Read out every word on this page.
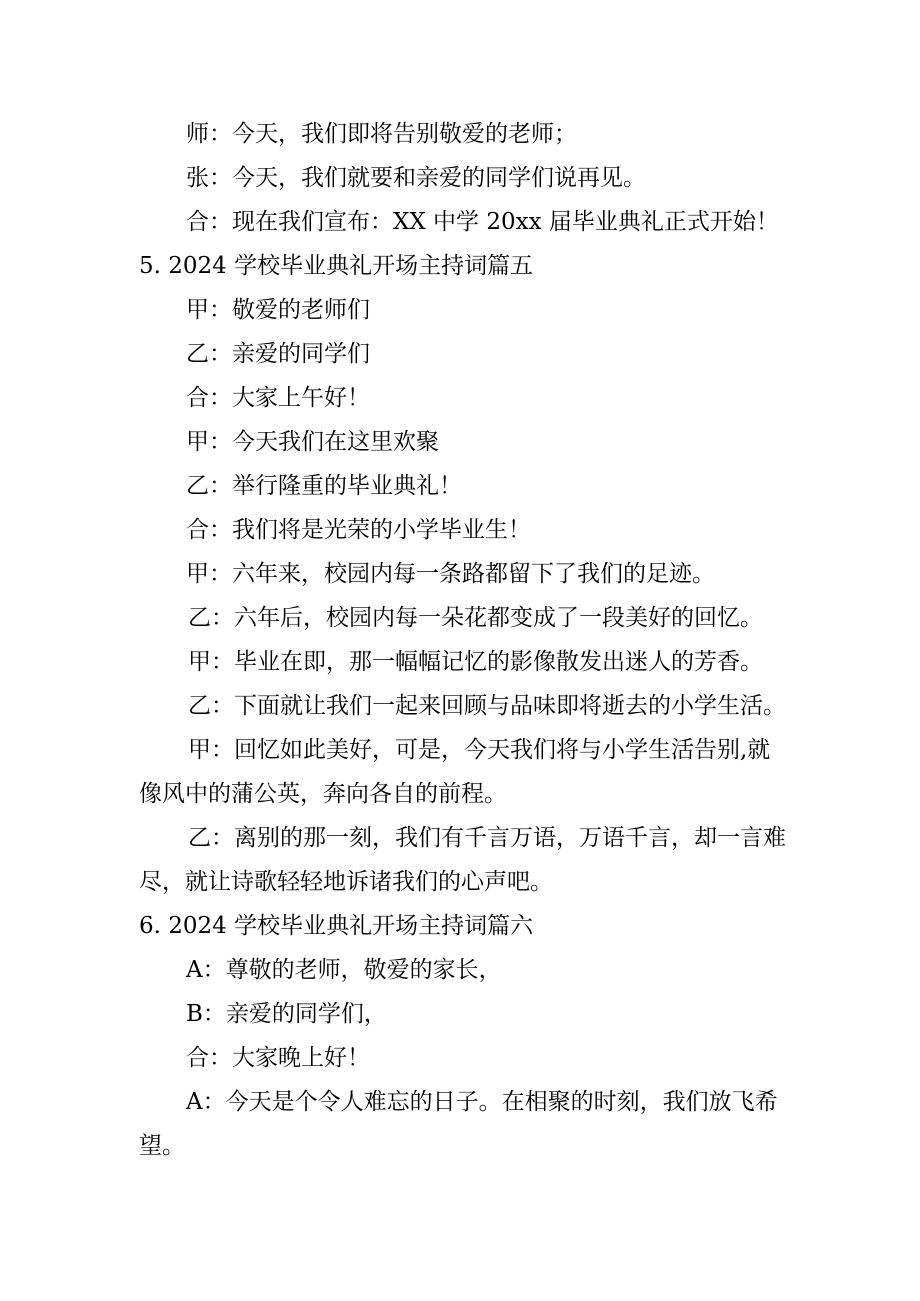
师：今天，我们即将告别敬爱的老师；
张：今天，我们就要和亲爱的同学们说再见。
合：现在我们宣布：XX 中学 20xx 届毕业典礼正式开始！
5. 2024 学校毕业典礼开场主持词篇五
甲：敬爱的老师们
乙：亲爱的同学们
合：大家上午好！
甲：今天我们在这里欢聚
乙：举行隆重的毕业典礼！
合：我们将是光荣的小学毕业生！
甲：六年来，校园内每一条路都留下了我们的足迹。
乙：六年后，校园内每一朵花都变成了一段美好的回忆。
甲：毕业在即，那一幅幅记忆的影像散发出迷人的芳香。
乙：下面就让我们一起来回顾与品味即将逝去的小学生活。
甲：回忆如此美好，可是，今天我们将与小学生活告别,就
像风中的蒲公英，奔向各自的前程。
乙：离别的那一刻，我们有千言万语，万语千言，却一言难
尽，就让诗歌轻轻地诉诸我们的心声吧。
6. 2024 学校毕业典礼开场主持词篇六
A：尊敬的老师，敬爱的家长，
B：亲爱的同学们，
合：大家晚上好！
A：今天是个令人难忘的日子。在相聚的时刻，我们放飞希
望。
